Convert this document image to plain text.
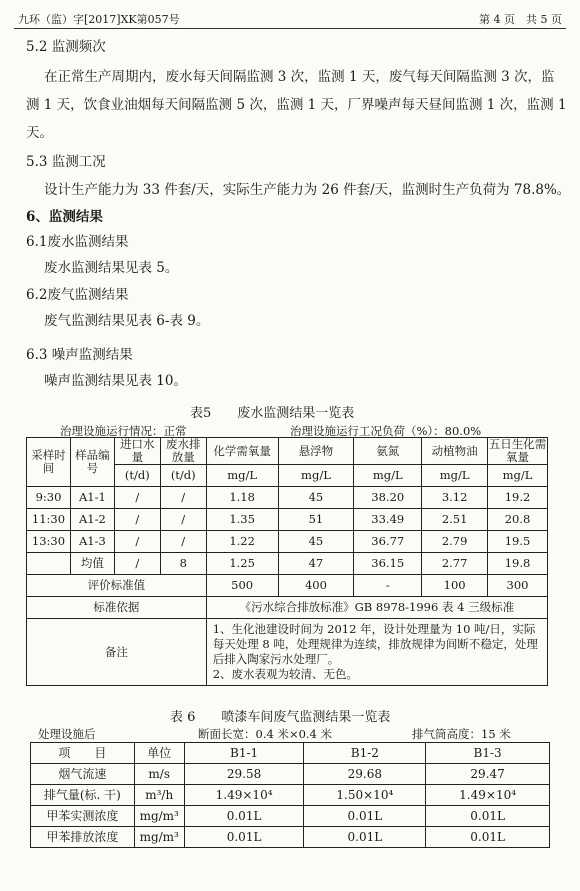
九环（监）字[2017]XK第057号	第 4 页　 共 5 页
5.2 监测频次
在正常生产周期内，废水每天间隔监测 3 次，监测 1 天，废气每天间隔监测 3 次，监
测 1 天，饮食业油烟每天间隔监测 5 次，监测 1 天，厂界噪声每天昼间监测 1 次，监测 1
天。
5.3 监测工况
设计生产能力为 33 件套/天，实际生产能力为 26 件套/天，监测时生产负荷为 78.8%。
6、监测结果
6.1废水监测结果
废水监测结果见表 5。
6.2废气监测结果
废气监测结果见表 6-表 9。
6.3 噪声监测结果
噪声监测结果见表 10。
表5　　废水监测结果一览表
治理设施运行情况：正常	治理设施运行工况负荷（%）：80.0%
采样时间	样品编号	进口水量	废水排放量	化学需氧量	悬浮物	氨氮	动植物油	五日生化需氧量
		(t/d)	(t/d)	mg/L	mg/L	mg/L	mg/L	mg/L
9:30	A1-1	/	/	1.18	45	38.20	3.12	19.2
11:30	A1-2	/	/	1.35	51	33.49	2.51	20.8
13:30	A1-3	/	/	1.22	45	36.77	2.79	19.5
	均值	/	8	1.25	47	36.15	2.77	19.8
评价标准值				500	400	-	100	300
标准依据				《污水综合排放标准》GB 8978-1996 表 4 三级标准				
备注				1、生化池建设时间为 2012 年，设计处理量为 10 吨/日，实际每天处理 8 吨，处理规律为连续，排放规律为间断不稳定，处理后排入陶家污水处理厂。
2、废水表观为较清、无色。				
表 6　　喷漆车间废气监测结果一览表
处理设施后	断面长宽：0.4 米×0.4 米	排气筒高度：15 米
项　　目	单位	B1-1	B1-2	B1-3
烟气流速	m/s	29.58	29.68	29.47
排气量(标. 干)	m³/h	1.49×10⁴	1.50×10⁴	1.49×10⁴
甲苯实测浓度	mg/m³	0.01L	0.01L	0.01L
甲苯排放浓度	mg/m³	0.01L	0.01L	0.01L
